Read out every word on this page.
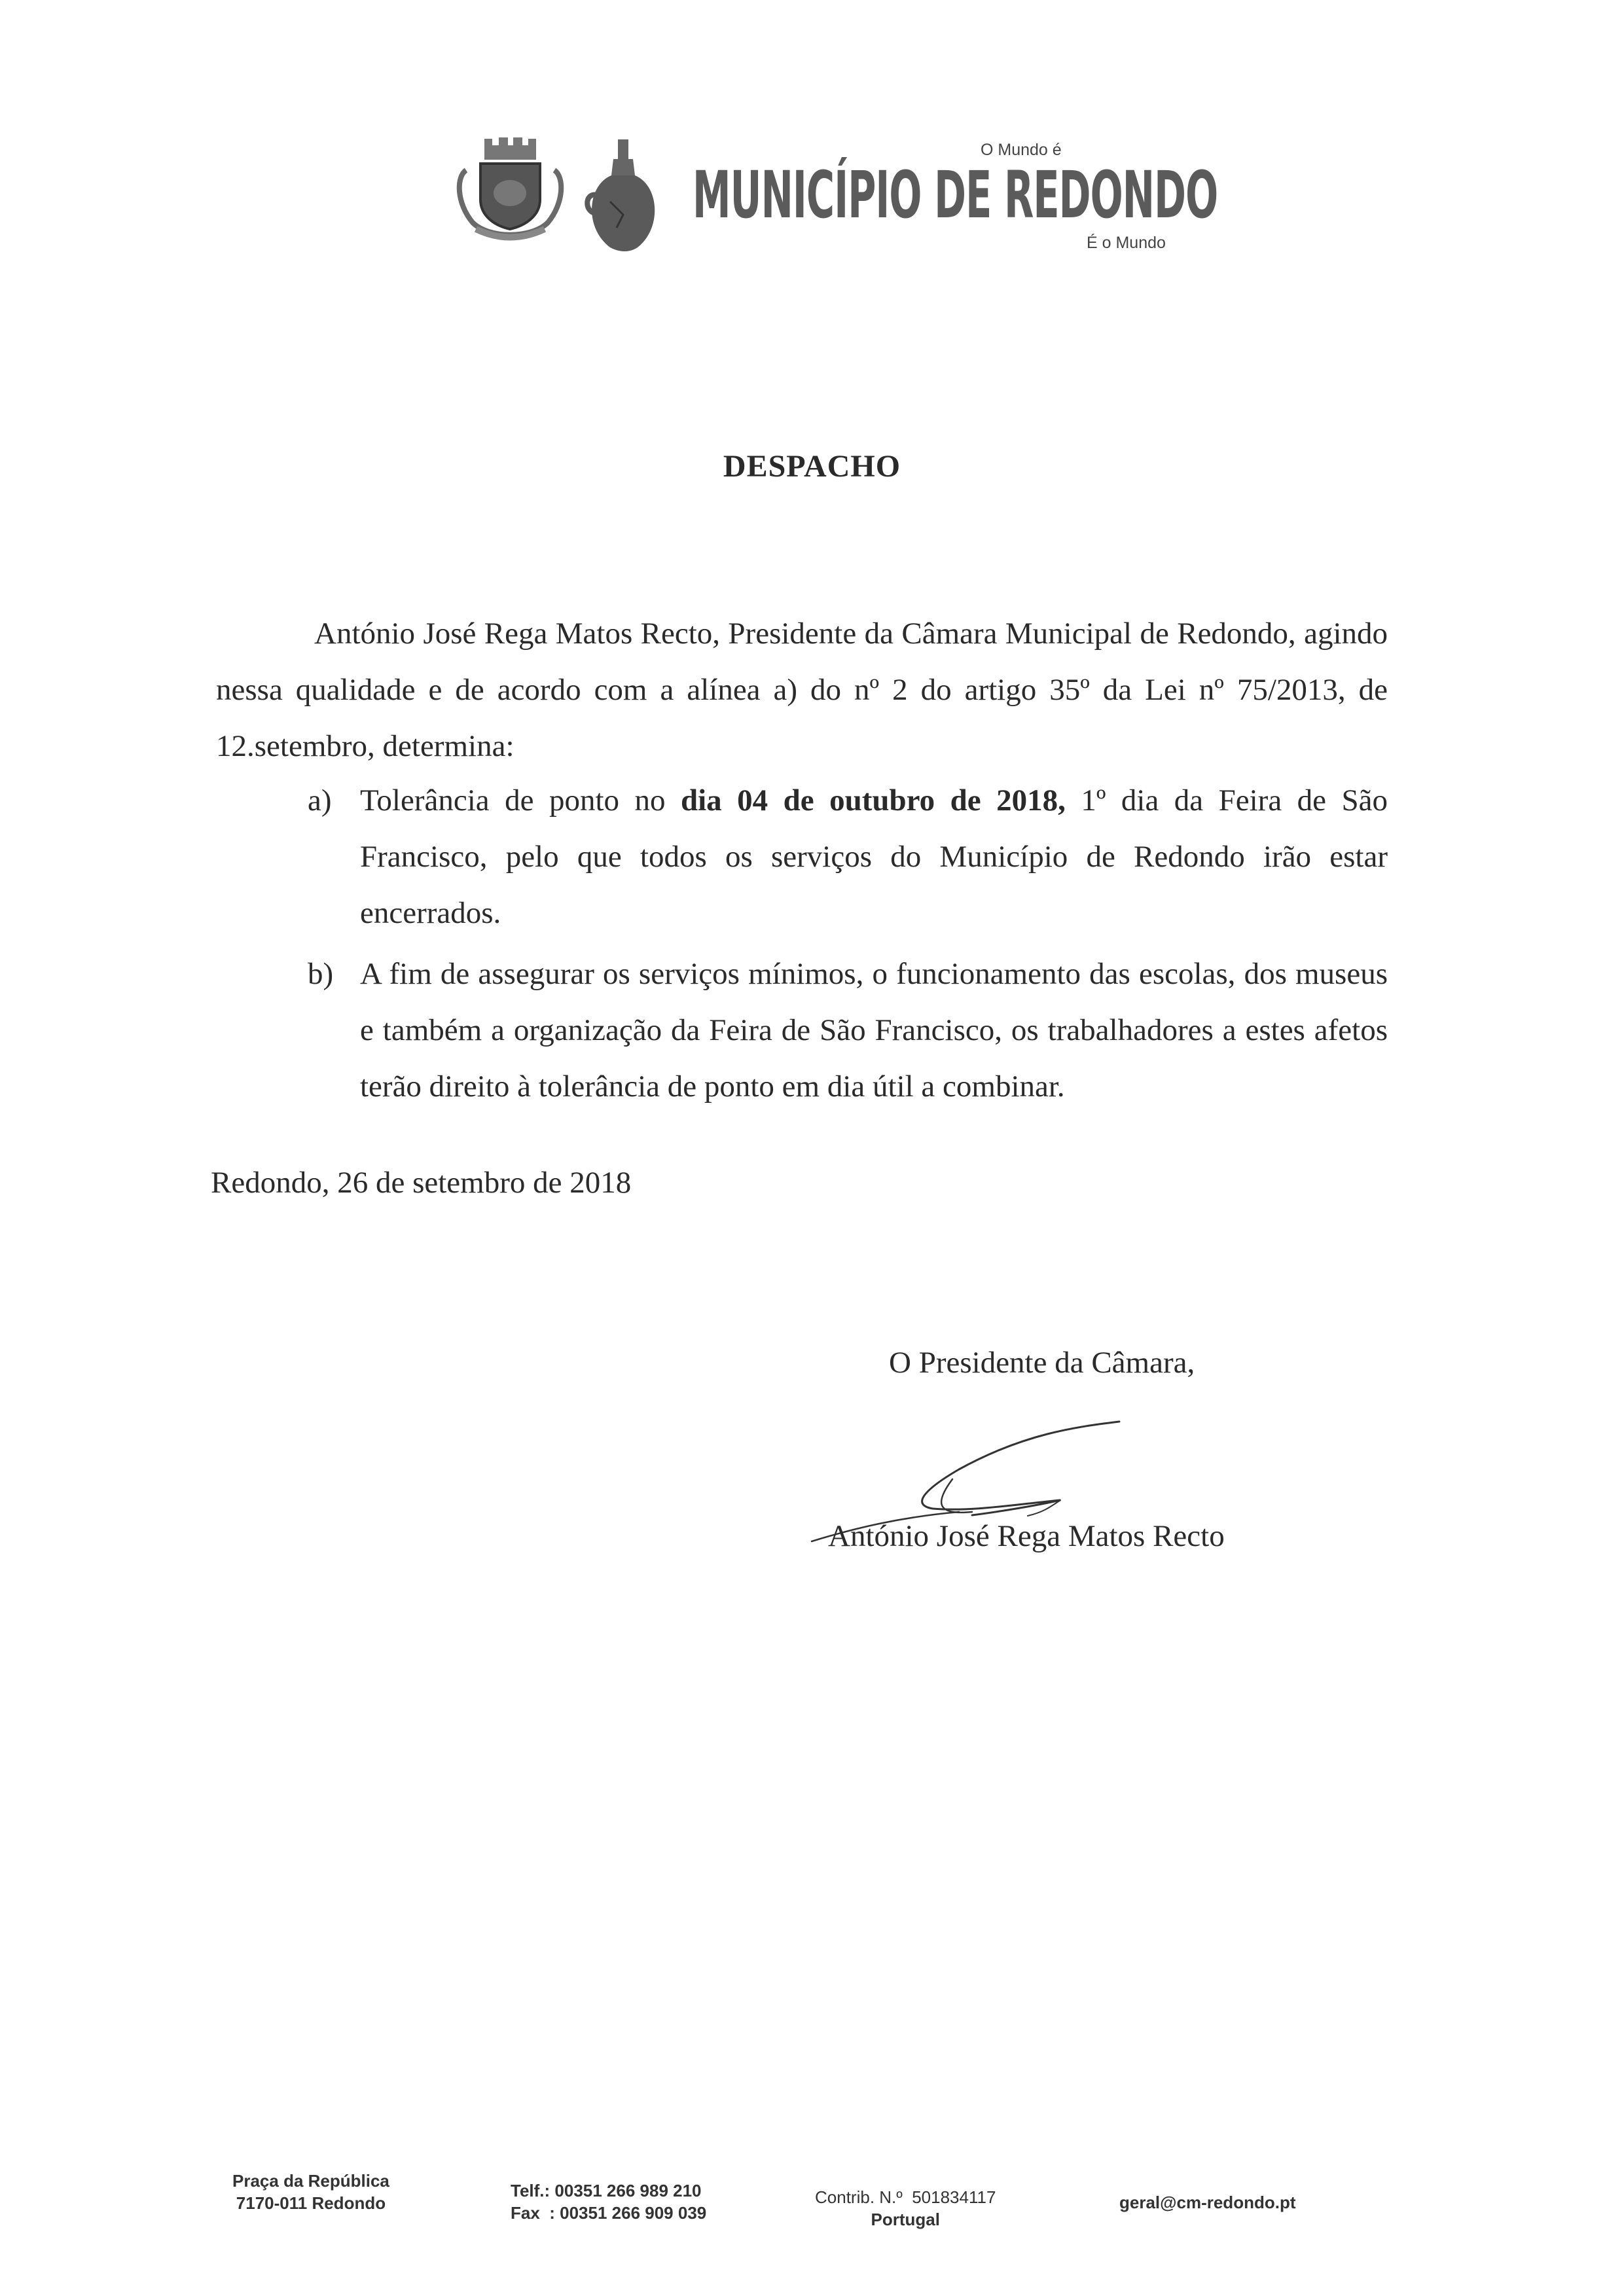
O Mundo é
MUNICÍPIO DE REDONDO
É o Mundo
DESPACHO
António José Rega Matos Recto, Presidente da Câmara Municipal de Redondo, agindo nessa qualidade e de acordo com a alínea a) do nº 2 do artigo 35º da Lei nº 75/2013, de 12.setembro, determina:
a) Tolerância de ponto no dia 04 de outubro de 2018, 1º dia da Feira de São Francisco, pelo que todos os serviços do Município de Redondo irão estar encerrados.
b) A fim de assegurar os serviços mínimos, o funcionamento das escolas, dos museus e também a organização da Feira de São Francisco, os trabalhadores a estes afetos terão direito à tolerância de ponto em dia útil a combinar.
Redondo, 26 de setembro de 2018
O Presidente da Câmara,
António José Rega Matos Recto
Praça da República
7170-011 Redondo
Telf.: 00351 266 989 210
Fax  : 00351 266 909 039
Contrib. N.º  501834117
Portugal
geral@cm-redondo.pt
